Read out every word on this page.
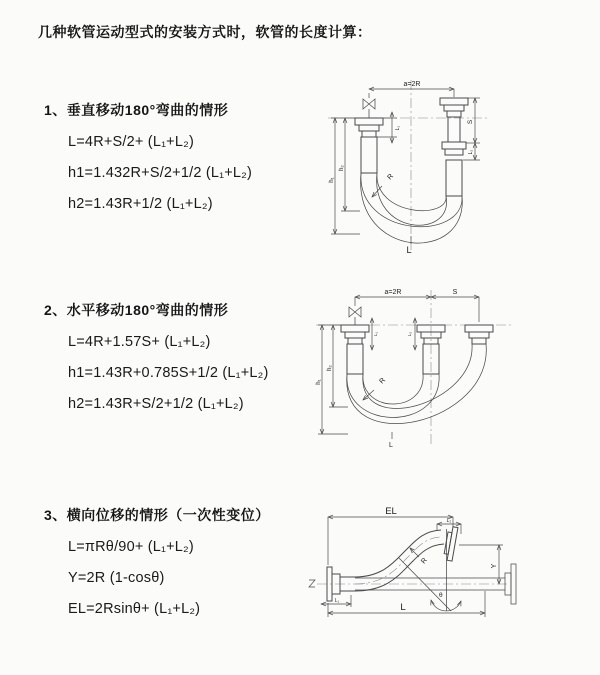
几种软管运动型式的安装方式时，软管的长度计算：
1、垂直移动180°弯曲的情形
L=4R+S/2+ (L₁+L₂)
h1=1.432R+S/2+1/2 (L₁+L₂)
h2=1.43R+1/2 (L₁+L₂)
2、水平移动180°弯曲的情形
L=4R+1.57S+ (L₁+L₂)
h1=1.43R+0.785S+1/2 (L₁+L₂)
h2=1.43R+S/2+1/2 (L₁+L₂)
3、横向位移的情形（一次性变位）
L=πRθ/90+ (L₁+L₂)
Y=2R (1-cosθ)
EL=2Rsinθ+ (L₁+L₂)
a=2R
R
h₁
h₂
S
L₂
L₁
L
a=2R	S
R
h₁
h₂
L₁	L₂
L
EL
L₂
θ
R
Y
L
L₁
